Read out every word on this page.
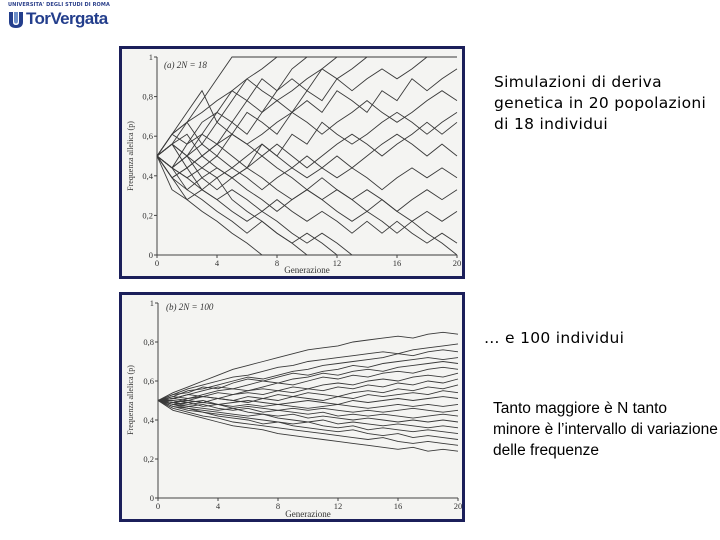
UNIVERSITA' DEGLI STUDI DI ROMA
TorVergata
0	4	8	12	16	20
0
0,2
0,4
0,6
0,8
1
(a) 2N = 18
Generazione
Frequenza allelica (p)
0	4	8	12	16	20
0
0,2
0,4
0,6
0,8
1 (b) 2N = 100
Generazione
Frequenza allelica (p)
Simulazioni di deriva genetica in 20 popolazioni di 18 individui
… e 100 individui
Tanto maggiore è N tanto minore è l’intervallo di variazione delle frequenze
